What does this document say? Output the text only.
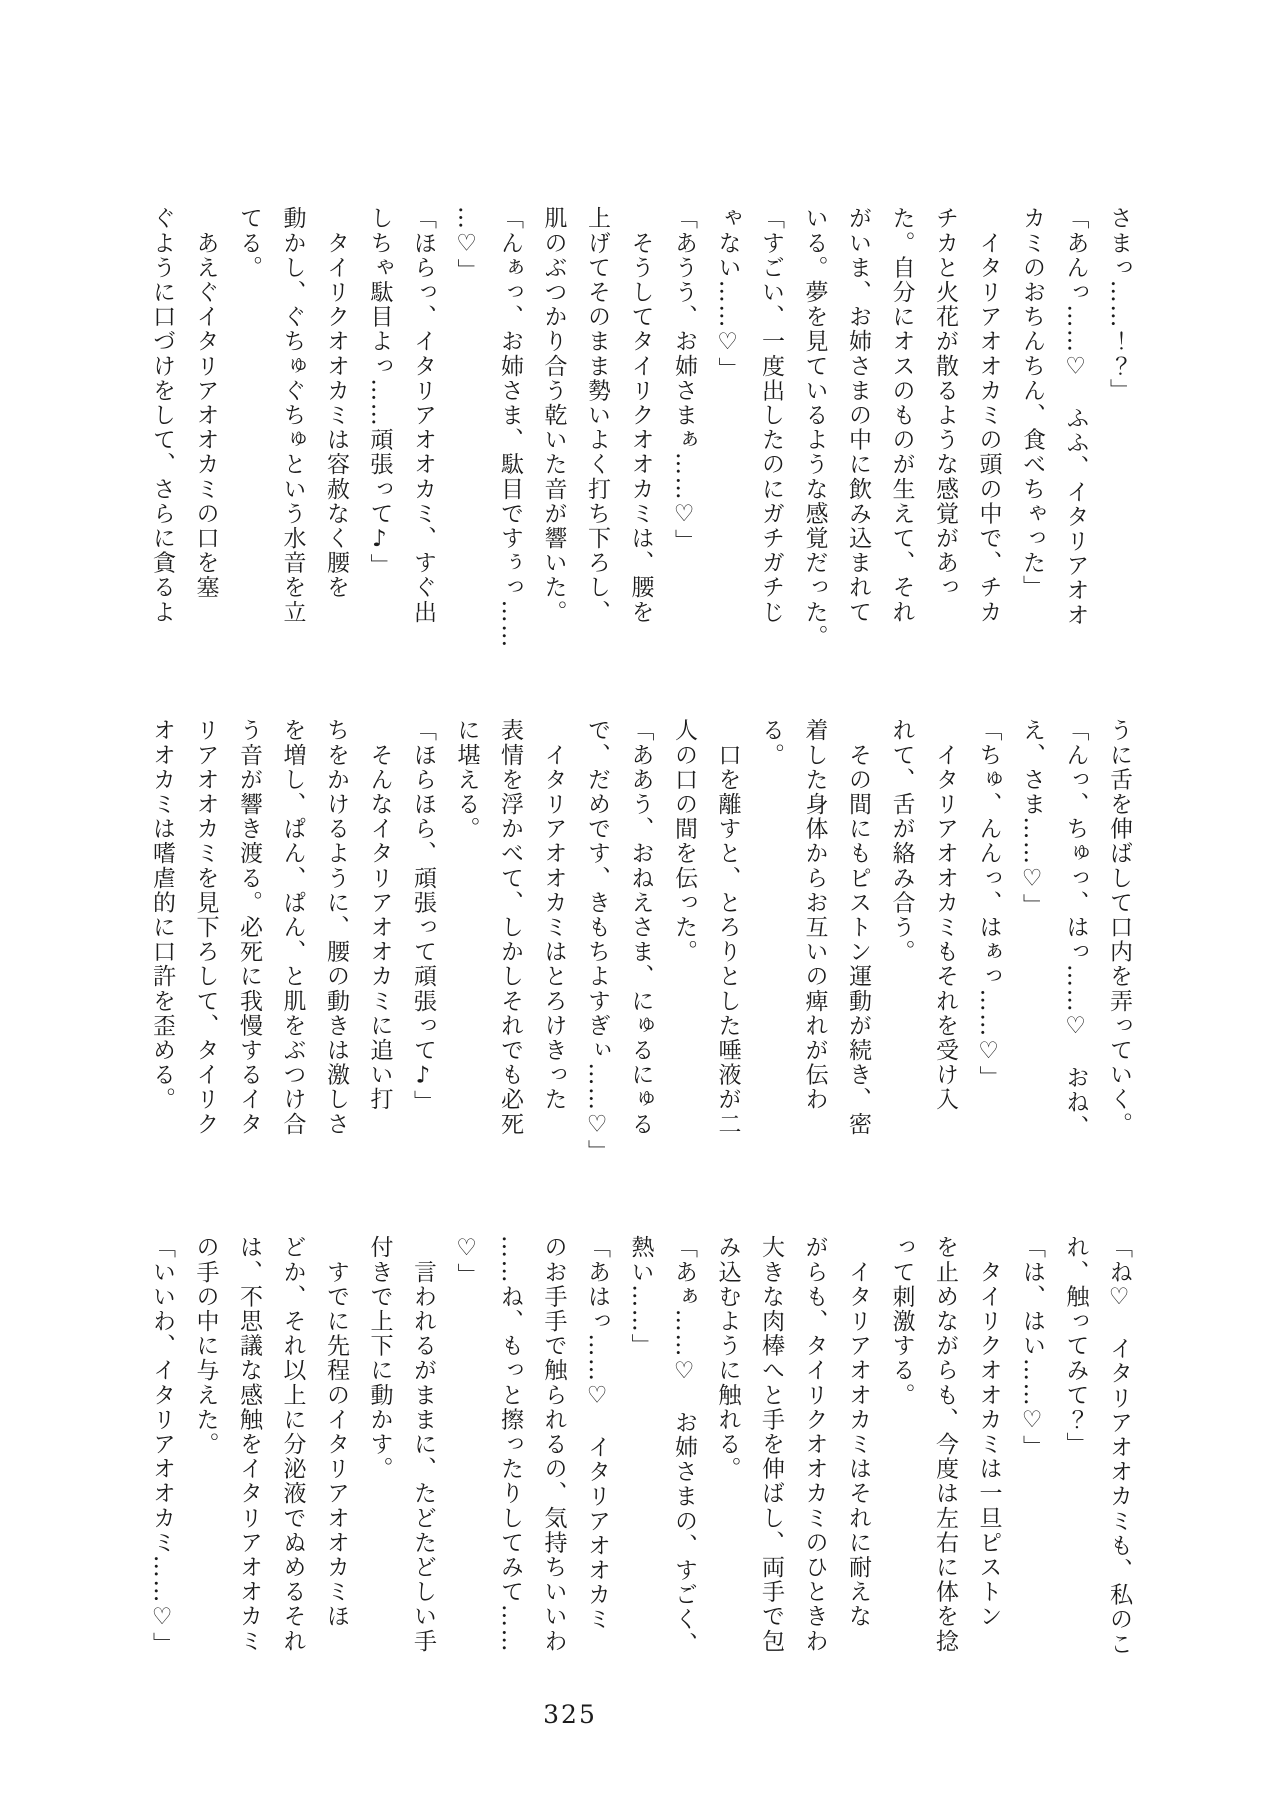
さまっ……！？」

「あんっ……♡　ふふ、イタリアオオ

カミのおちんちん、食べちゃった」

　イタリアオオカミの頭の中で、チカ

チカと火花が散るような感覚があっ

た。自分にオスのものが生えて、それ

がいま、お姉さまの中に飲み込まれて

いる。夢を見ているような感覚だった。

「すごい、一度出したのにガチガチじ

ゃない……♡」

「あうう、お姉さまぁ……♡」

　そうしてタイリクオオカミは、腰を

上げてそのまま勢いよく打ち下ろし、

肌のぶつかり合う乾いた音が響いた。

「んぁっ、お姉さま、駄目ですぅっ……

…♡」

「ほらっ、イタリアオオカミ、すぐ出

しちゃ駄目よっ……頑張って♪」

　タイリクオオカミは容赦なく腰を

動かし、ぐちゅぐちゅという水音を立

てる。

　あえぐイタリアオオカミの口を塞

ぐように口づけをして、さらに貪るよ

うに舌を伸ばして口内を弄っていく。

「んっ、ちゅっ、はっ……♡　おね、

え、さま……♡」

「ちゅ、んんっ、はぁっ……♡」

　イタリアオオカミもそれを受け入

れて、舌が絡み合う。

　その間にもピストン運動が続き、密

着した身体からお互いの痺れが伝わ

る。

　口を離すと、とろりとした唾液が二

人の口の間を伝った。

「ああう、おねえさま、にゅるにゅる

で、だめです、きもちよすぎぃ……♡」

　イタリアオオカミはとろけきった

表情を浮かべて、しかしそれでも必死

に堪える。

「ほらほら、頑張って頑張って♪」

　そんなイタリアオオカミに追い打

ちをかけるように、腰の動きは激しさ

を増し、ぱん、ぱん、と肌をぶつけ合

う音が響き渡る。必死に我慢するイタ

リアオオカミを見下ろして、タイリク

オオカミは嗜虐的に口許を歪める。

「ね♡　イタリアオオカミも、私のこ

れ、触ってみて？」

「は、はい……♡」

　タイリクオオカミは一旦ピストン

を止めながらも、今度は左右に体を捻

って刺激する。

　イタリアオオカミはそれに耐えな

がらも、タイリクオオカミのひときわ

大きな肉棒へと手を伸ばし、両手で包

み込むように触れる。

「あぁ……♡　お姉さまの、すごく、

熱い……」

「あはっ……♡　イタリアオオカミ

のお手手で触られるの、気持ちいいわ

……ね、もっと擦ったりしてみて……

♡」

　言われるがままに、たどたどしい手

付きで上下に動かす。

　すでに先程のイタリアオオカミほ

どか、それ以上に分泌液でぬめるそれ

は、不思議な感触をイタリアオオカミ

の手の中に与えた。

「いいわ、イタリアオオカミ……♡」

325
